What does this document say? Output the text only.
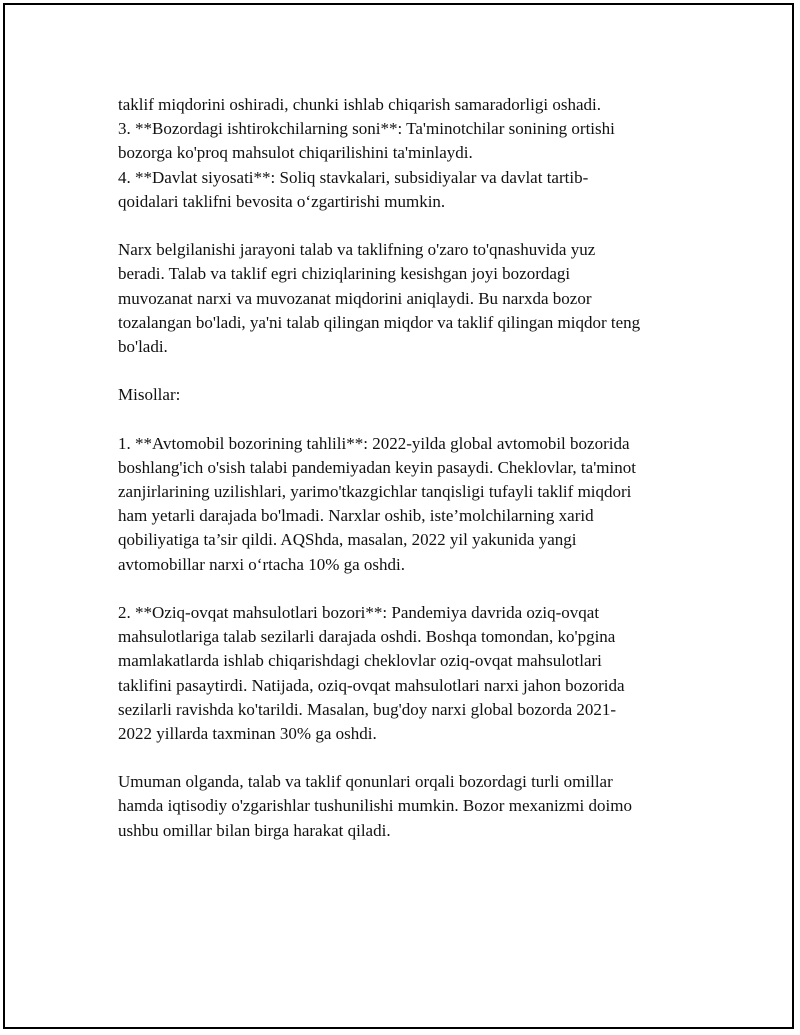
taklif miqdorini oshiradi, chunki ishlab chiqarish samaradorligi oshadi.
3. **Bozordagi ishtirokchilarning soni**: Ta'minotchilar sonining ortishi
bozorga ko'proq mahsulot chiqarilishini ta'minlaydi.
4. **Davlat siyosati**: Soliq stavkalari, subsidiyalar va davlat tartib-
qoidalari taklifni bevosita o‘zgartirishi mumkin.
Narx belgilanishi jarayoni talab va taklifning o'zaro to'qnashuvida yuz
beradi. Talab va taklif egri chiziqlarining kesishgan joyi bozordagi
muvozanat narxi va muvozanat miqdorini aniqlaydi. Bu narxda bozor
tozalangan bo'ladi, ya'ni talab qilingan miqdor va taklif qilingan miqdor teng
bo'ladi.
Misollar:
1. **Avtomobil bozorining tahlili**: 2022-yilda global avtomobil bozorida
boshlang'ich o'sish talabi pandemiyadan keyin pasaydi. Cheklovlar, ta'minot
zanjirlarining uzilishlari, yarimo'tkazgichlar tanqisligi tufayli taklif miqdori
ham yetarli darajada bo'lmadi. Narxlar oshib, iste’molchilarning xarid
qobiliyatiga ta’sir qildi. AQShda, masalan, 2022 yil yakunida yangi
avtomobillar narxi o‘rtacha 10% ga oshdi.
2. **Oziq-ovqat mahsulotlari bozori**: Pandemiya davrida oziq-ovqat
mahsulotlariga talab sezilarli darajada oshdi. Boshqa tomondan, ko'pgina
mamlakatlarda ishlab chiqarishdagi cheklovlar oziq-ovqat mahsulotlari
taklifini pasaytirdi. Natijada, oziq-ovqat mahsulotlari narxi jahon bozorida
sezilarli ravishda ko'tarildi. Masalan, bug'doy narxi global bozorda 2021-
2022 yillarda taxminan 30% ga oshdi.
Umuman olganda, talab va taklif qonunlari orqali bozordagi turli omillar
hamda iqtisodiy o'zgarishlar tushunilishi mumkin. Bozor mexanizmi doimo
ushbu omillar bilan birga harakat qiladi.
